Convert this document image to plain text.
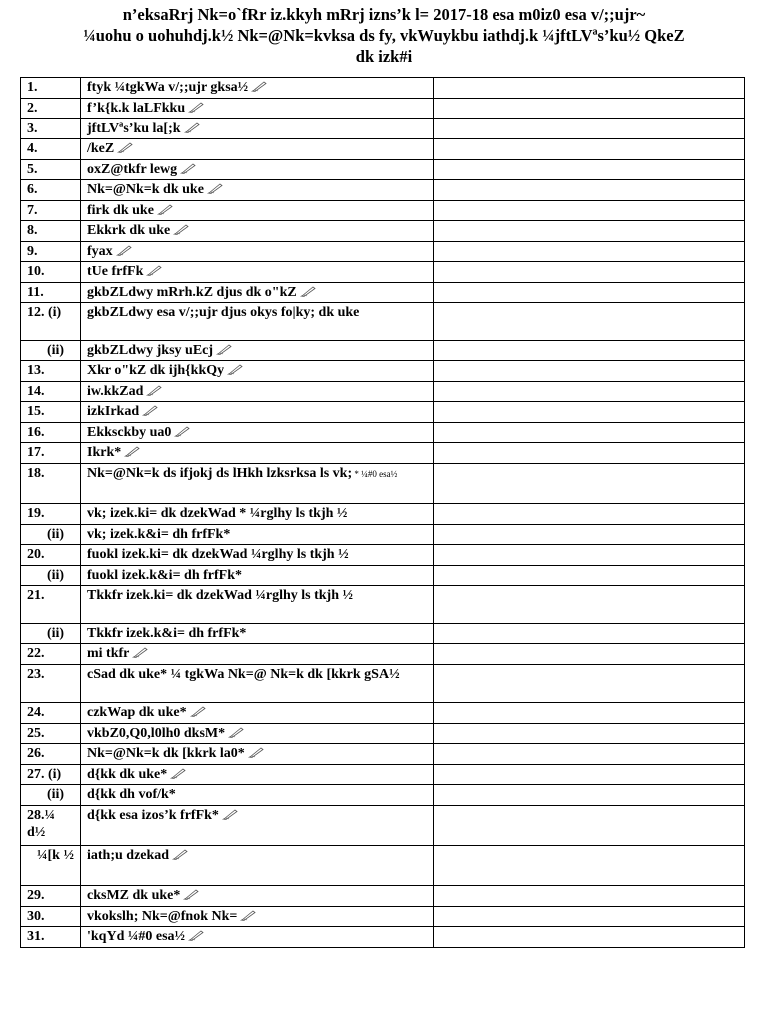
n’eksaRrj Nk=o`fRr iz.kkyh mRrj izns’k l= 2017-18 esa m0iz0 esa v/;;ujr~
¼uohu o uohuhdj.k½ Nk=@Nk=kvksa ds fy, vkWuykbu iathdj.k ¼jftLVªs’ku½ QkeZ
dk izk#i
1.	ftyk ¼tgkWa v/;;ujr gksa½	
2.	f’k{k.k laLFkku	
3.	jftLVªs’ku la[;k	
4.	/keZ	
5.	oxZ@tkfr lewg	
6.	Nk=@Nk=k dk uke	
7.	firk dk uke	
8.	Ekkrk dk uke	
9.	fyax	
10.	tUe frfFk	
11.	gkbZLdwy mRrh.kZ djus dk o"kZ	
12. (i)	gkbZLdwy esa v/;;ujr djus okys fo|ky; dk uke	
(ii)	gkbZLdwy jksy uEcj	
13.	Xkr o"kZ dk ijh{kkQy	
14.	iw.kkZad	
15.	izkIrkad	
16.	Ekksckby ua0	
17.	Ikrk*	
18.	Nk=@Nk=k ds ifjokj ds lHkh lzksrksa ls vk; * ¼#0 esa½	
19.	vk; izek.ki= dk dzekWad * ¼rglhy ls tkjh ½	
(ii)	vk; izek.k&i= dh frfFk*	
20.	fuokl izek.ki= dk dzekWad ¼rglhy ls tkjh ½	
(ii)	fuokl izek.k&i= dh frfFk*	
21.	Tkkfr izek.ki= dk dzekWad ¼rglhy ls tkjh ½	
(ii)	Tkkfr izek.k&i= dh frfFk*	
22.	mi tkfr	
23.	cSad dk uke* ¼ tgkWa Nk=@ Nk=k dk [kkrk gSA½	
24.	czkWap dk uke*	
25.	vkbZ0,Q0,l0lh0 dksM*	
26.	Nk=@Nk=k dk [kkrk la0*	
27. (i)	d{kk dk uke*	
(ii)	d{kk dh vof/k*	
28.¼ d½	d{kk esa izos’k frfFk*	
¼[k ½	iath;u dzekad	
29.	cksMZ dk uke*	
30.	vkokslh; Nk=@fnok Nk=	
31.	'kqYd ¼#0 esa½	
